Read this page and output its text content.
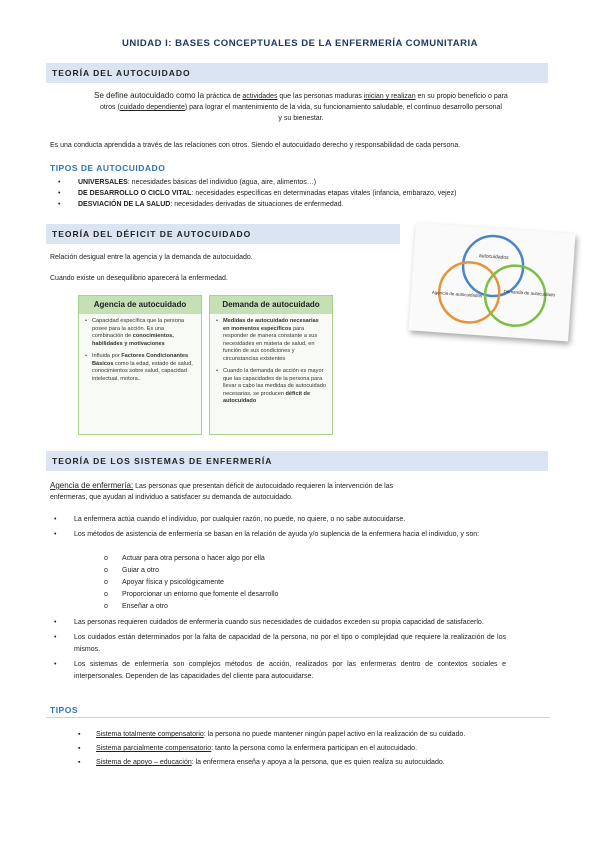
UNIDAD I: BASES CONCEPTUALES DE LA ENFERMERÍA COMUNITARIA
TEORÍA DEL AUTOCUIDADO
Se define autocuidado como la práctica de actividades que las personas maduras inician y realizan en su propio beneficio o para
otros (cuidado dependiente) para lograr el mantenimiento de la vida, su funcionamiento saludable, el continuo desarrollo personal
y su bienestar.
Es una conducta aprendida a través de las relaciones con otros. Siendo el autocuidado derecho y responsabilidad de cada persona.
TIPOS DE AUTOCUIDADO
• UNIVERSALES: necesidades básicas del individuo (agua, aire, alimentos…)
• DE DESARROLLO O CICLO VITAL: necesidades específicas en determinadas etapas vitales (infancia, embarazo, vejez)
• DESVIACIÓN DE LA SALUD: necesidades derivadas de situaciones de enfermedad.
TEORÍA DEL DÉFICIT DE AUTOCUIDADO
Relación desigual entre la agencia y la demanda de autocuidado.
Cuando existe un desequilibrio aparecerá la enfermedad.
Agencia de autocuidado

• Capacidad específica que la persona posee para la acción. Es una combinación de conocimientos, habilidades y motivaciones

• Influida por Factores Condicionantes Básicos como la edad, estado de salud, conocimientos sobre salud, capacidad intelectual, motora..

Demanda de autocuidado

• Medidas de autocuidado necesarias en momentos específicos para responder de manera constante a sus necesidades en materia de salud, en función de sus condiciones y circunstancias existentes

• Cuando la demanda de acción es mayor que las capacidades de la persona para llevar a cabo las medidas de autocuidado necesarias, se producen déficit de autocuidado

autocuidados
Agencia de autocuidados	Demanda de autocuidado
TEORÍA DE LOS SISTEMAS DE ENFERMERÍA
Agencia de enfermería: Las personas que presentan déficit de autocuidado requieren la intervención de las
enfermeras, que ayudan al individuo a satisfacer su demanda de autocuidado.
• La enfermera actúa cuando el individuo, por cualquier razón, no puede, no quiere, o no sabe autocuidarse.
• Los métodos de asistencia de enfermería se basan en la relación de ayuda y/o suplencia de la enfermera hacia el individuo, y son:
o Actuar para otra persona o hacer algo por ella
o Guiar a otro
o Apoyar física y psicológicamente
o Proporcionar un entorno que fomente el desarrollo
o Enseñar a otro
• Las personas requieren cuidados de enfermería cuando sus necesidades de cuidados exceden su propia capacidad de satisfacerlo.
• Los cuidados están determinados por la falta de capacidad de la persona, no por el tipo o complejidad que requiere la realización de los mismos.
• Los sistemas de enfermería son complejos métodos de acción, realizados por las enfermeras dentro de contextos sociales e interpersonales. Dependen de las capacidades del cliente para autocuidarse.
TIPOS
▪ Sistema totalmente compensatorio: la persona no puede mantener ningún papel activo en la realización de su cuidado.
▪ Sistema parcialmente compensatorio: tanto la persona como la enfermera participan en el autocuidado.
▪ Sistema de apoyo – educación: la enfermera enseña y apoya a la persona, que es quien realiza su autocuidado.
